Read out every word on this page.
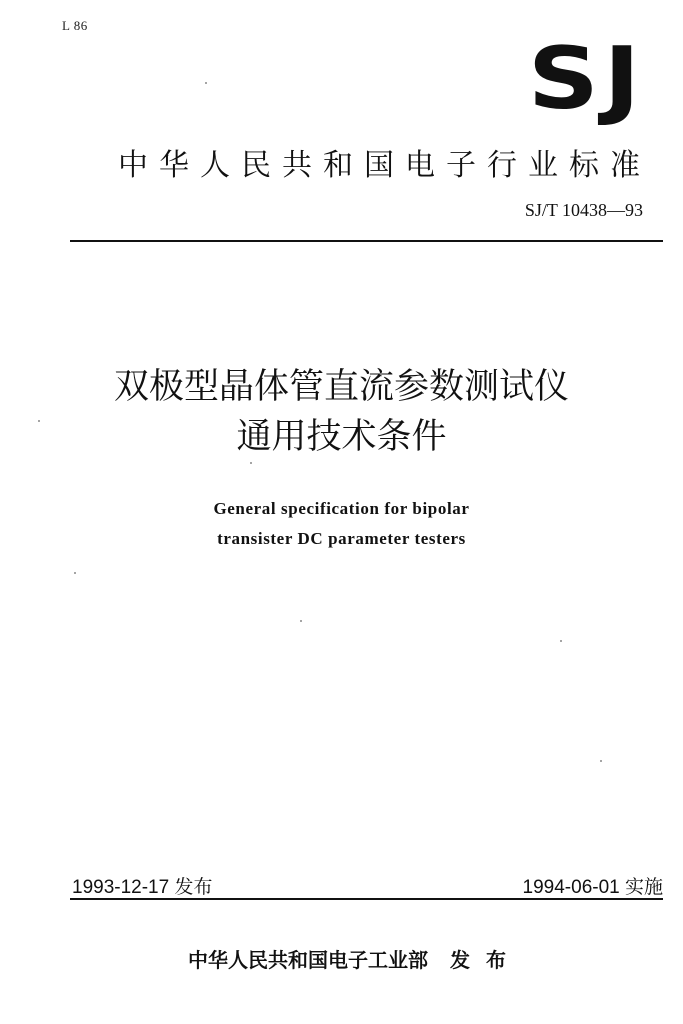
L 86
SJ
中华人民共和国电子行业标准
SJ/T 10438—93
双极型晶体管直流参数测试仪
通用技术条件
General specification for bipolar
transister DC parameter testers
1993-12-17 发布	1994-06-01 实施
中华人民共和国电子工业部 发布
